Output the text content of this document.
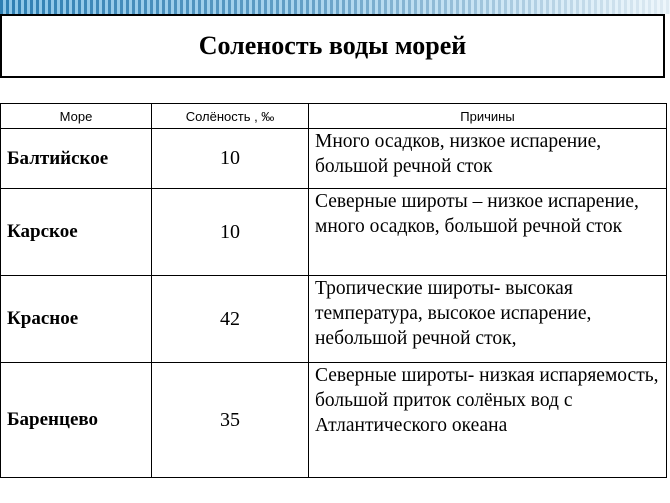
Соленость воды морей
Море	Солёность , ‰	Причины
Балтийское	10	Много осадков, низкое испарение, большой речной сток
Карское	10	Северные широты – низкое испарение, много осадков, большой речной сток
Красное	42	Тропические широты- высокая температура, высокое испарение, небольшой речной сток,
Баренцево	35	Северные широты- низкая испаряемость, большой приток солёных вод с Атлантического океана
